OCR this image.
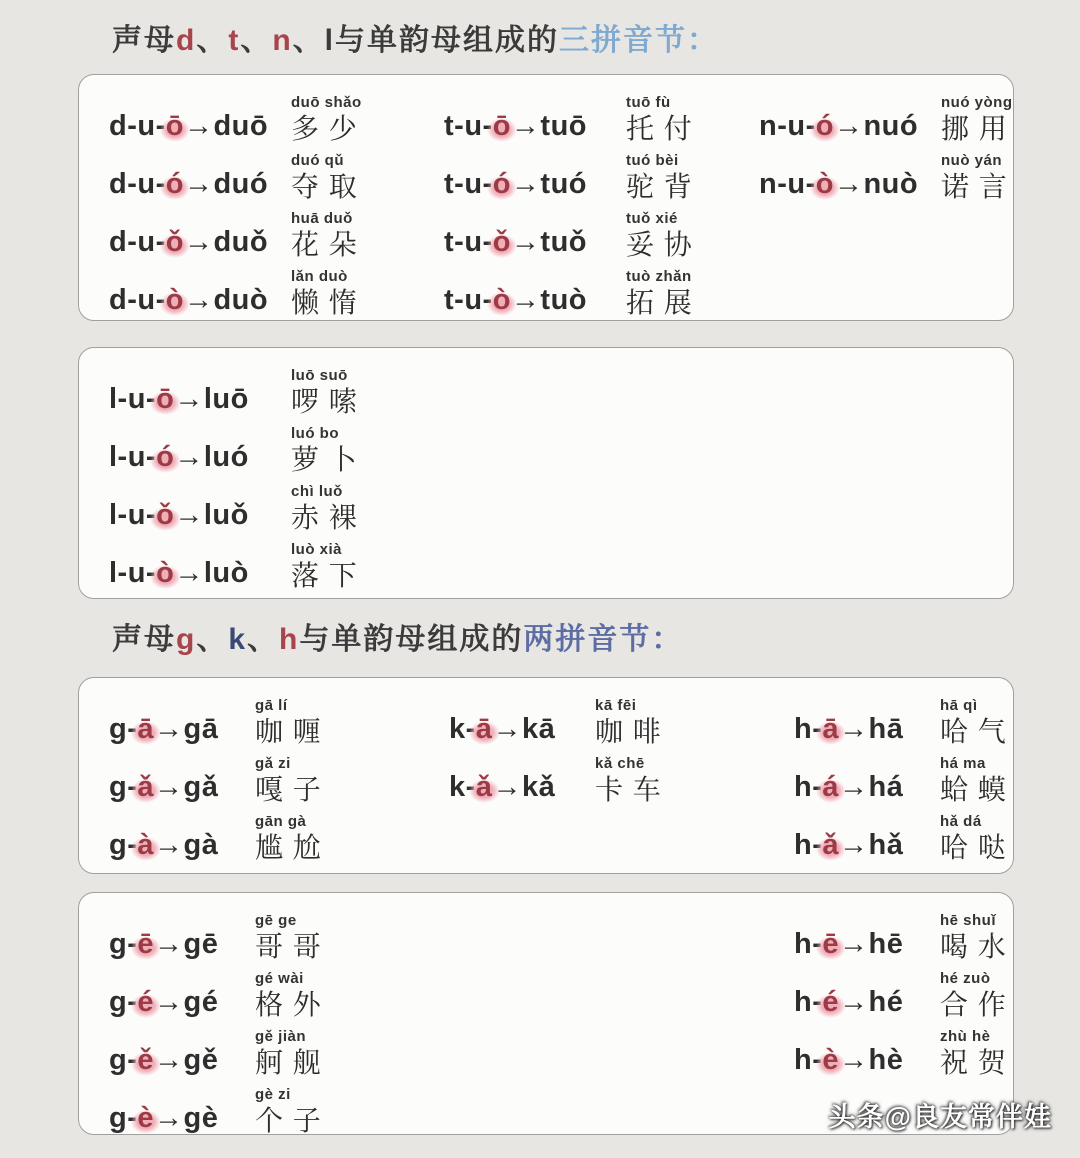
声母d、t、n、l与单韵母组成的三拼音节：
d-u-ō→duō
duō shǎo
多少
d-u-ó→duó
duó qǔ
夺取
d-u-ǒ→duǒ
huā duǒ
花朵
d-u-ò→duò
lǎn duò
懒惰
t-u-ō→tuō
tuō fù
托付
t-u-ó→tuó
tuó bèi
驼背
t-u-ǒ→tuǒ
tuǒ xié
妥协
t-u-ò→tuò
tuò zhǎn
拓展
n-u-ó→nuó
nuó yòng
挪用
n-u-ò→nuò
nuò yán
诺言
l-u-ō→luō
luō suō
啰嗦
l-u-ó→luó
luó bo
萝卜
l-u-ǒ→luǒ
chì luǒ
赤裸
l-u-ò→luò
luò xià
落下
声母g、k、h与单韵母组成的两拼音节：
g-ā→gā
gā lí
咖喱
g-ǎ→gǎ
gǎ zi
嘎子
g-à→gà
gān gà
尴尬
k-ā→kā
kā fēi
咖啡
k-ǎ→kǎ
kǎ chē
卡车
h-ā→hā
hā qì
哈气
h-á→há
há ma
蛤蟆
h-ǎ→hǎ
hǎ dá
哈哒
g-ē→gē
gē ge
哥哥
g-é→gé
gé wài
格外
g-ě→gě
gě jiàn
舸舰
g-è→gè
gè zi
个子
h-ē→hē
hē shuǐ
喝水
h-é→hé
hé zuò
合作
h-è→hè
zhù hè
祝贺
头条@良友常伴娃
